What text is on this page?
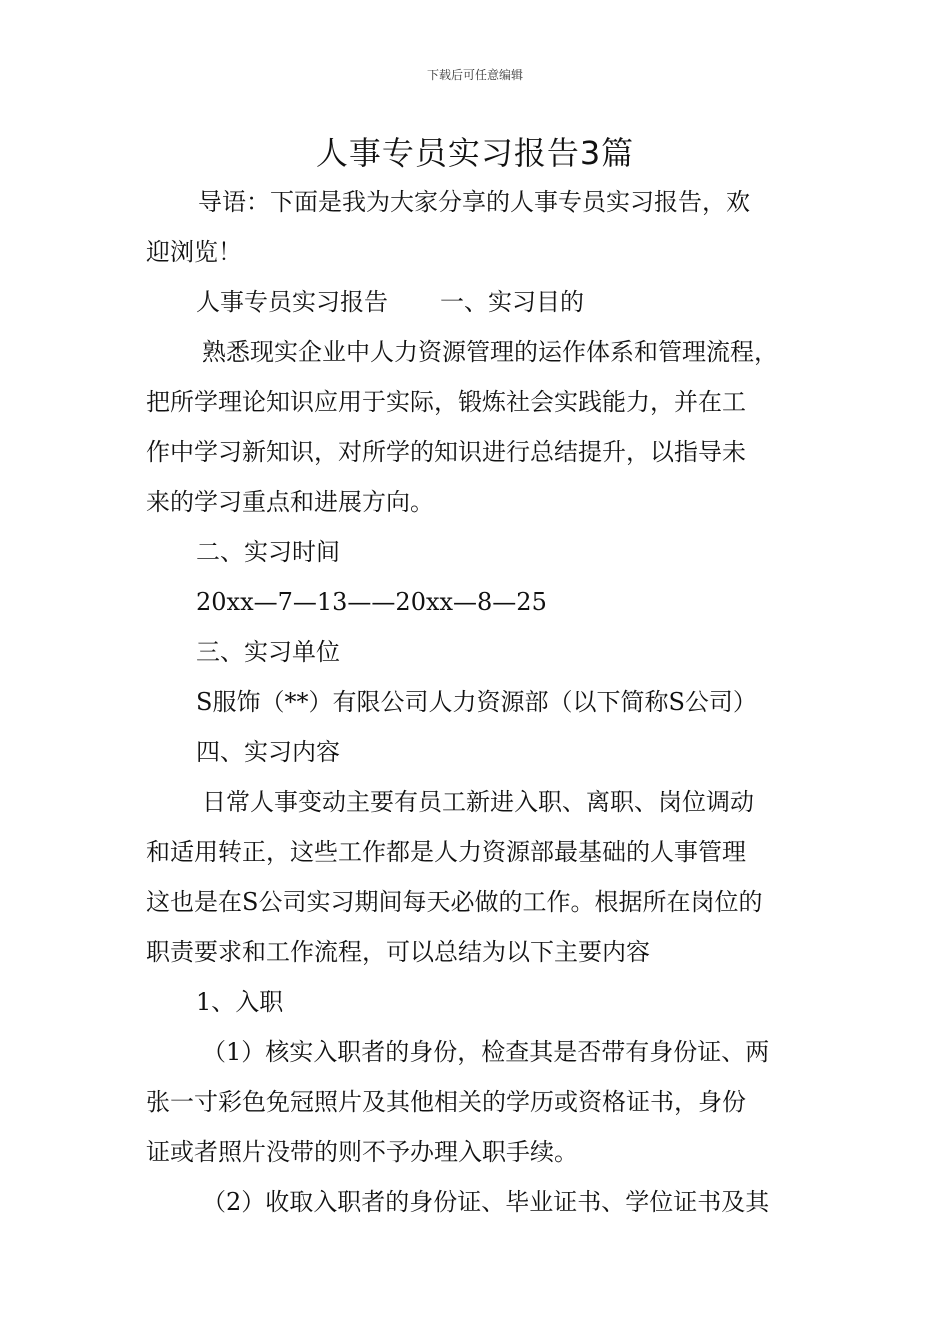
下载后可任意编辑
人事专员实习报告3篇
导语：下面是我为大家分享的人事专员实习报告，欢
迎浏览！
人事专员实习报告 一、实习目的
熟悉现实企业中人力资源管理的运作体系和管理流程，
把所学理论知识应用于实际，锻炼社会实践能力，并在工
作中学习新知识，对所学的知识进行总结提升，以指导未
来的学习重点和进展方向。
二、实习时间
20xx—7—13——20xx—8—25
三、实习单位
S服饰（**）有限公司人力资源部（以下简称S公司）
四、实习内容
日常人事变动主要有员工新进入职、离职、岗位调动
和适用转正，这些工作都是人力资源部最基础的人事管理
这也是在S公司实习期间每天必做的工作。根据所在岗位的
职责要求和工作流程，可以总结为以下主要内容
1、入职
（1）核实入职者的身份，检查其是否带有身份证、两
张一寸彩色免冠照片及其他相关的学历或资格证书，身份
证或者照片没带的则不予办理入职手续。
（2）收取入职者的身份证、毕业证书、学位证书及其
